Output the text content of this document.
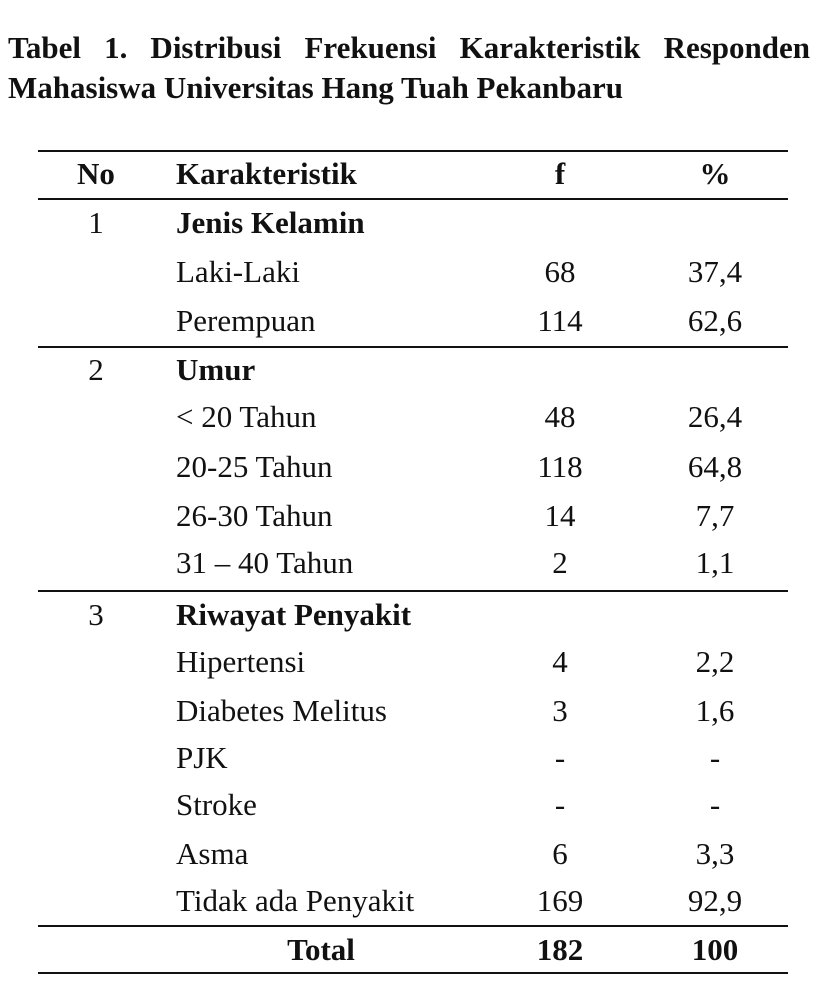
Tabel 1. Distribusi Frekuensi Karakteristik Responden Mahasiswa Universitas Hang Tuah Pekanbaru
No	Karakteristik	f	%
1	Jenis Kelamin
Laki-Laki	68	37,4
Perempuan	114	62,6
2	Umur
< 20 Tahun	48	26,4
20-25 Tahun	118	64,8
26-30 Tahun	14	7,7
31 – 40 Tahun	2	1,1
3	Riwayat Penyakit
Hipertensi	4	2,2
Diabetes Melitus	3	1,6
PJK	-	-
Stroke	-	-
Asma	6	3,3
Tidak ada Penyakit	169	92,9
Total	182	100
